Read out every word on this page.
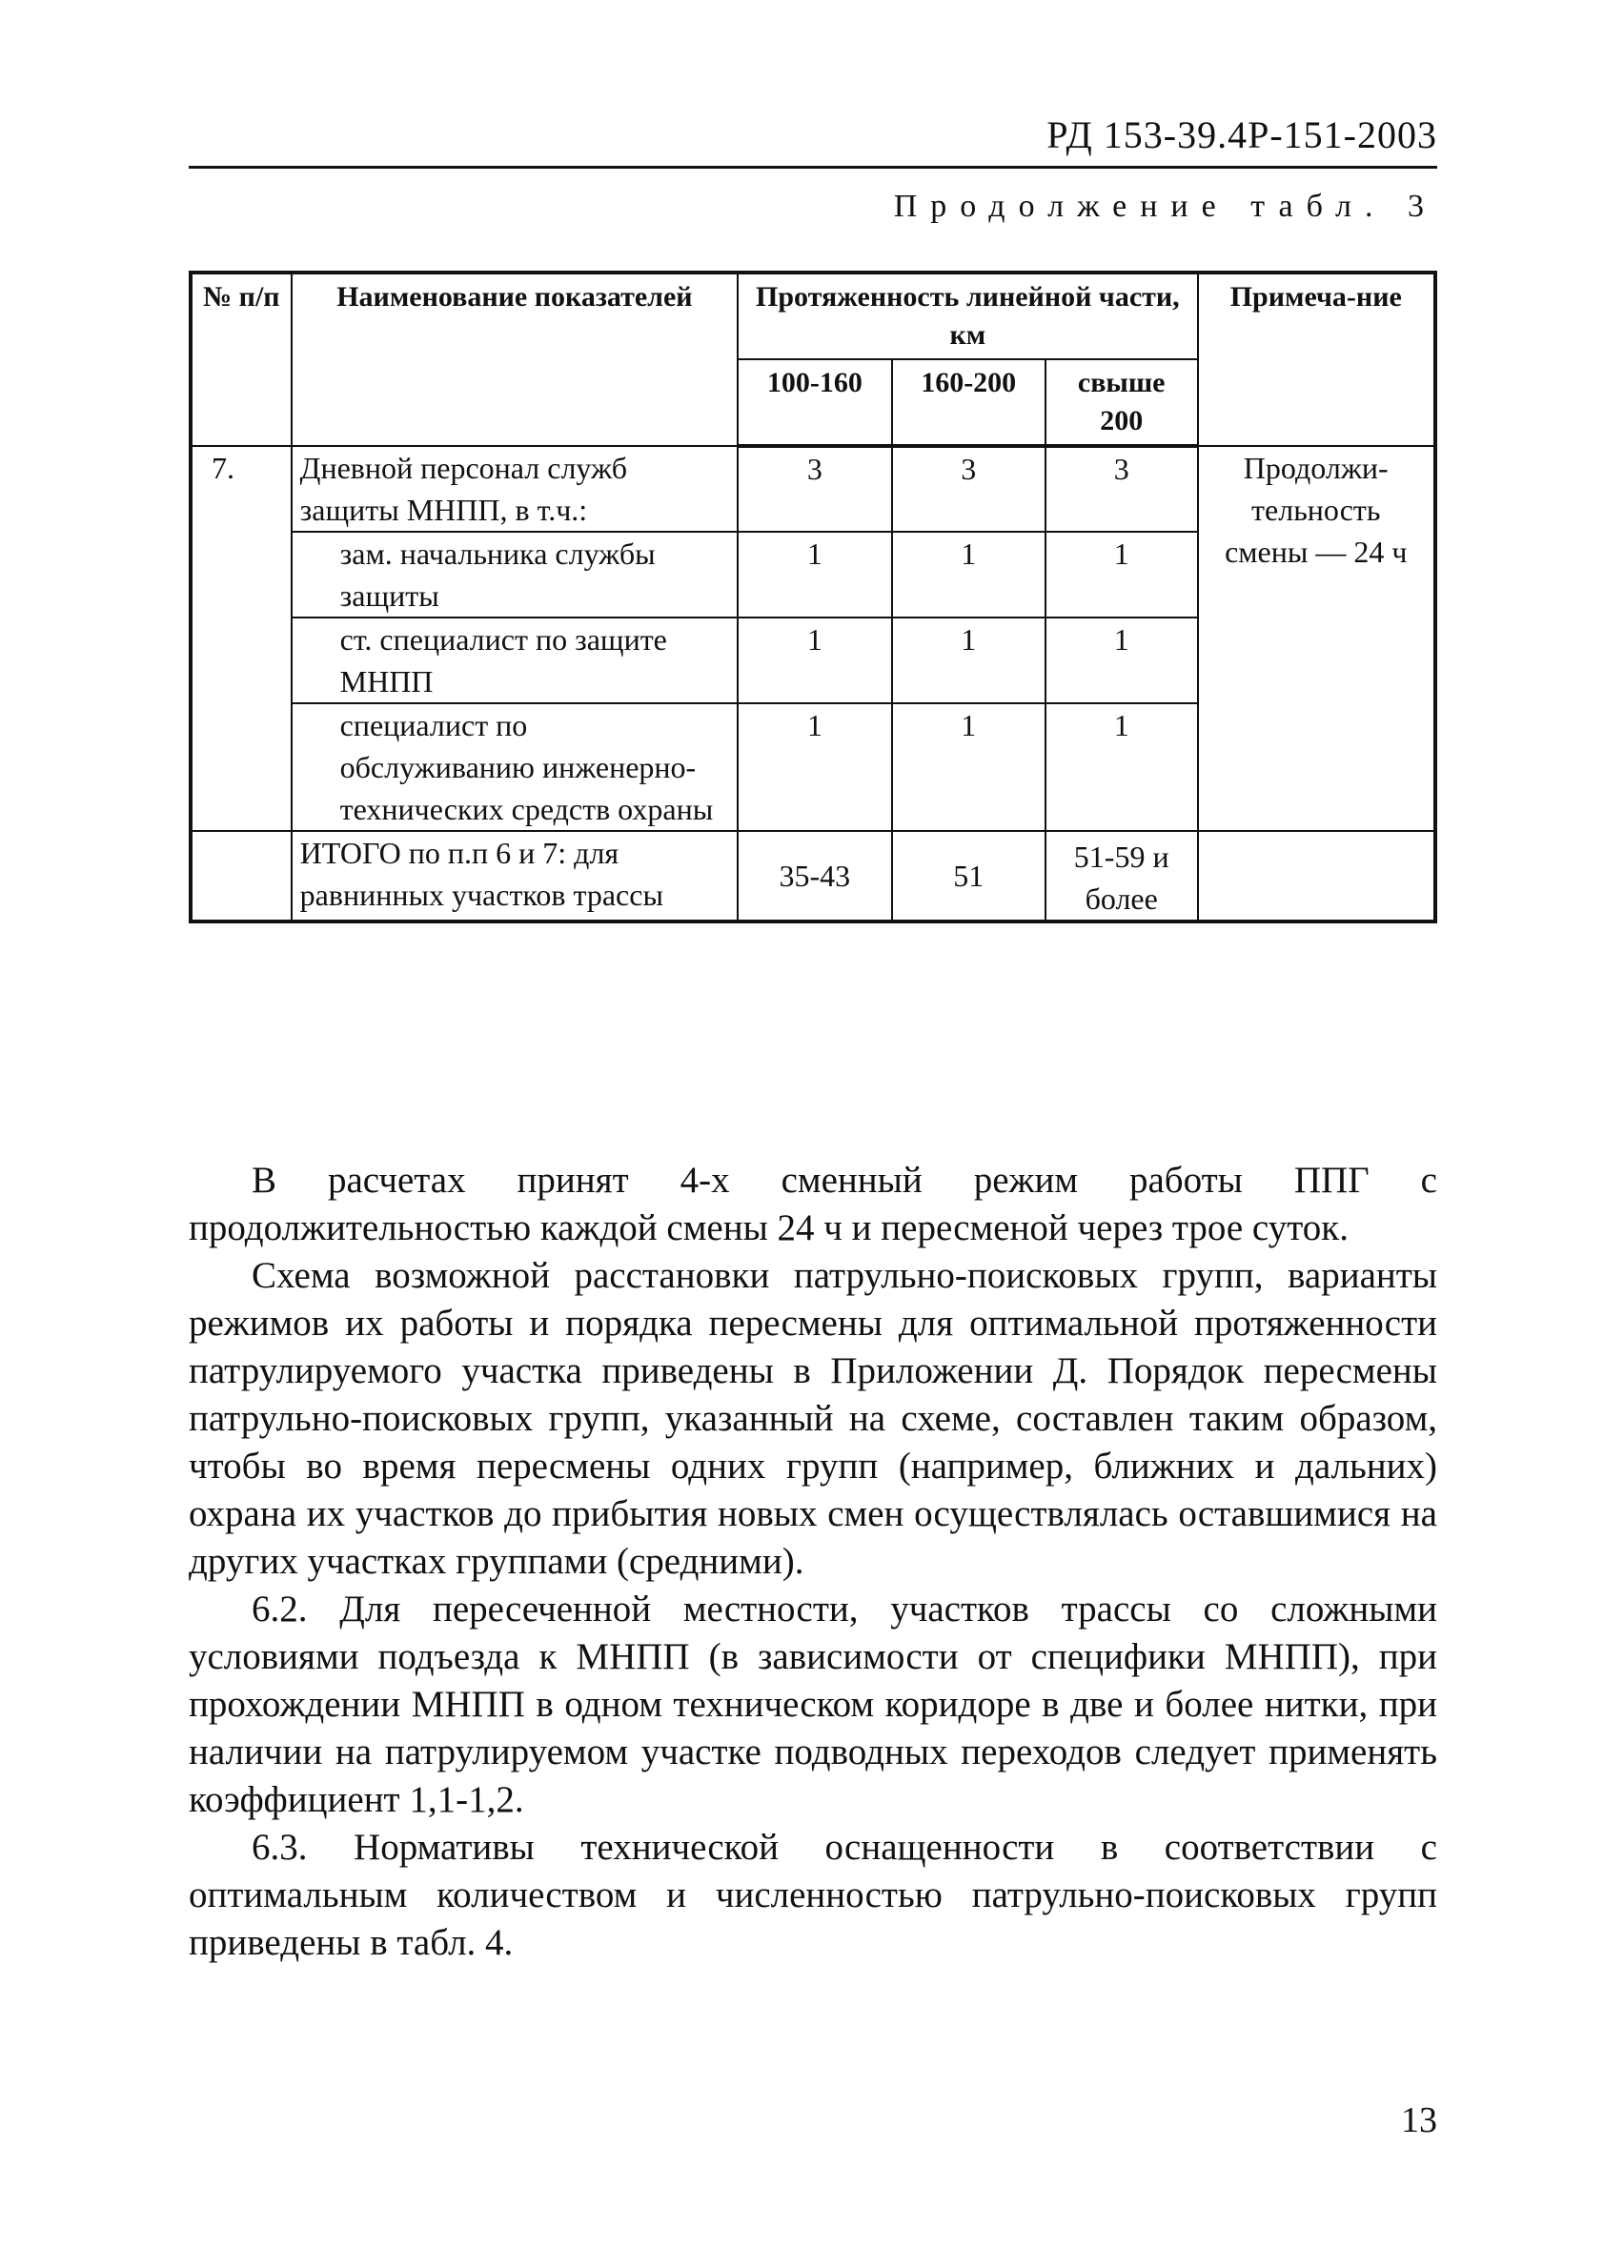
РД 153-39.4Р-151-2003
Продолжение табл. 3
№ п/п	Наименование показателей	Протяженность линейной части, км			Примеча-ние
		100-160	160-200	свыше 200	
7.	Дневной персонал служб защиты МНПП, в т.ч.:	3	3	3	Продолжи-тельность смены — 24 ч
	зам. начальника службы защиты	1	1	1	
	ст. специалист по защите МНПП	1	1	1	
	специалист по обслуживанию инженерно-технических средств охраны	1	1	1	
	ИТОГО по п.п 6 и 7: для равнинных участков трассы	35-43	51	51-59 и более	

В расчетах принят 4-х сменный режим работы ППГ с продолжительностью каждой смены 24 ч и пересменой через трое суток.

Схема возможной расстановки патрульно-поисковых групп, варианты режимов их работы и порядка пересмены для оптимальной протяженности патрулируемого участка приведены в Приложении Д. Порядок пересмены патрульно-поисковых групп, указанный на схеме, составлен таким образом, чтобы во время пересмены одних групп (например, ближних и дальних) охрана их участков до прибытия новых смен осуществлялась оставшимися на других участках группами (средними).

6.2. Для пересеченной местности, участков трассы со сложными условиями подъезда к МНПП (в зависимости от специфики МНПП), при прохождении МНПП в одном техническом коридоре в две и более нитки, при наличии на патрулируемом участке подводных переходов следует применять коэффициент 1,1-1,2.

6.3. Нормативы технической оснащенности в соответствии с оптимальным количеством и численностью патрульно-поисковых групп приведены в табл. 4.

13
